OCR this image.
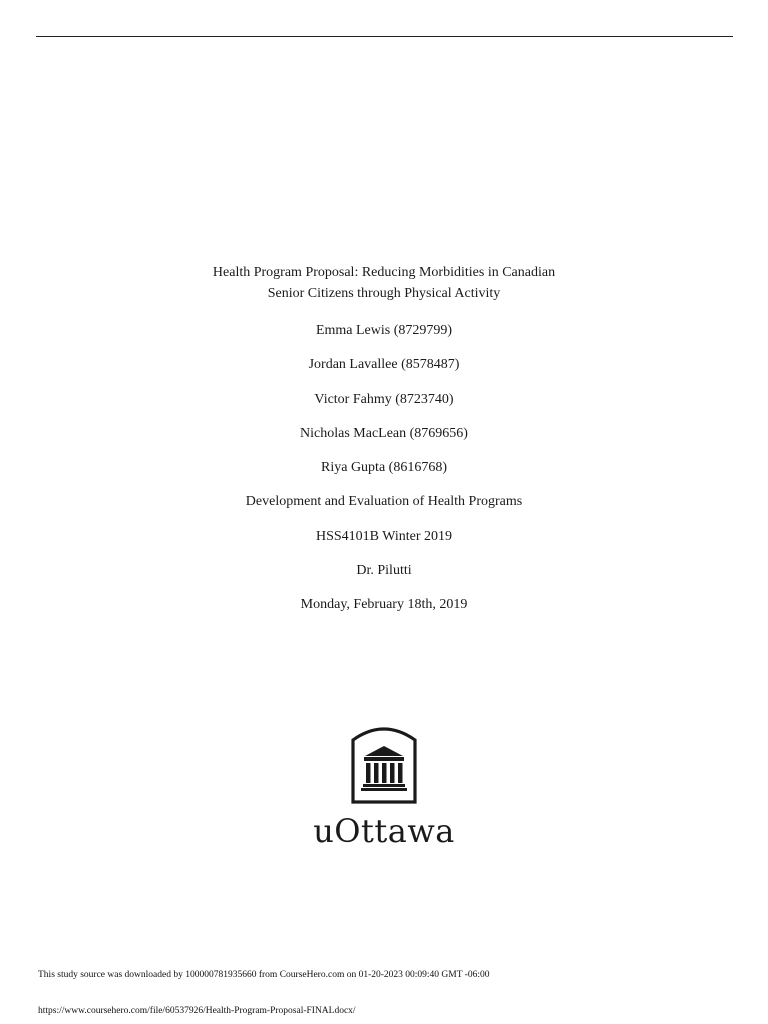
Health Program Proposal: Reducing Morbidities in Canadian
Senior Citizens through Physical Activity
Emma Lewis (8729799)
Jordan Lavallee (8578487)
Victor Fahmy (8723740)
Nicholas MacLean (8769656)
Riya Gupta (8616768)
Development and Evaluation of Health Programs
HSS4101B Winter 2019
Dr. Pilutti
Monday, February 18th, 2019
uOttawa
This study source was downloaded by 100000781935660 from CourseHero.com on 01-20-2023 00:09:40 GMT -06:00
https://www.coursehero.com/file/60537926/Health-Program-Proposal-FINALdocx/
